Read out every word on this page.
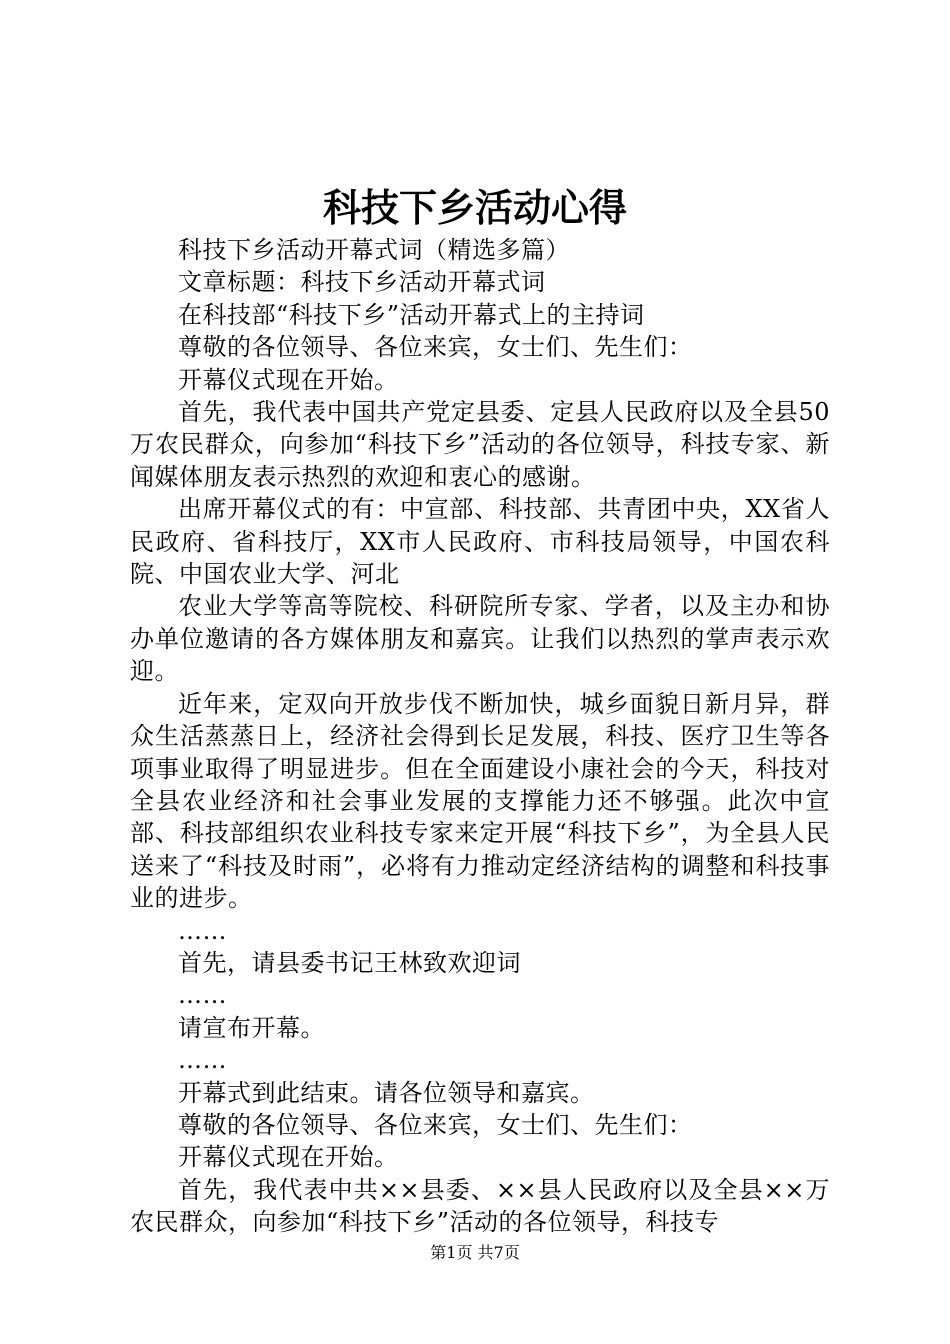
科技下乡活动心得

科技下乡活动开幕式词（精选多篇）

文章标题：科技下乡活动开幕式词

在科技部“科技下乡”活动开幕式上的主持词

尊敬的各位领导、各位来宾，女士们、先生们：

开幕仪式现在开始。

首先，我代表中国共产党定县委、定县人民政府以及全县50万农民群众，向参加“科技下乡”活动的各位领导，科技专家、新闻媒体朋友表示热烈的欢迎和衷心的感谢。

出席开幕仪式的有：中宣部、科技部、共青团中央，XX省人民政府、省科技厅，XX市人民政府、市科技局领导，中国农科院、中国农业大学、河北

农业大学等高等院校、科研院所专家、学者，以及主办和协办单位邀请的各方媒体朋友和嘉宾。让我们以热烈的掌声表示欢迎。

近年来，定双向开放步伐不断加快，城乡面貌日新月异，群众生活蒸蒸日上，经济社会得到长足发展，科技、医疗卫生等各项事业取得了明显进步。但在全面建设小康社会的今天，科技对全县农业经济和社会事业发展的支撑能力还不够强。此次中宣部、科技部组织农业科技专家来定开展“科技下乡”，为全县人民送来了“科技及时雨”，必将有力推动定经济结构的调整和科技事业的进步。

……

首先，请县委书记王林致欢迎词

……

请宣布开幕。

……

开幕式到此结束。请各位领导和嘉宾。

尊敬的各位领导、各位来宾，女士们、先生们：

开幕仪式现在开始。

首先，我代表中共××县委、××县人民政府以及全县××万农民群众，向参加“科技下乡”活动的各位领导，科技专

第1页 共7页
